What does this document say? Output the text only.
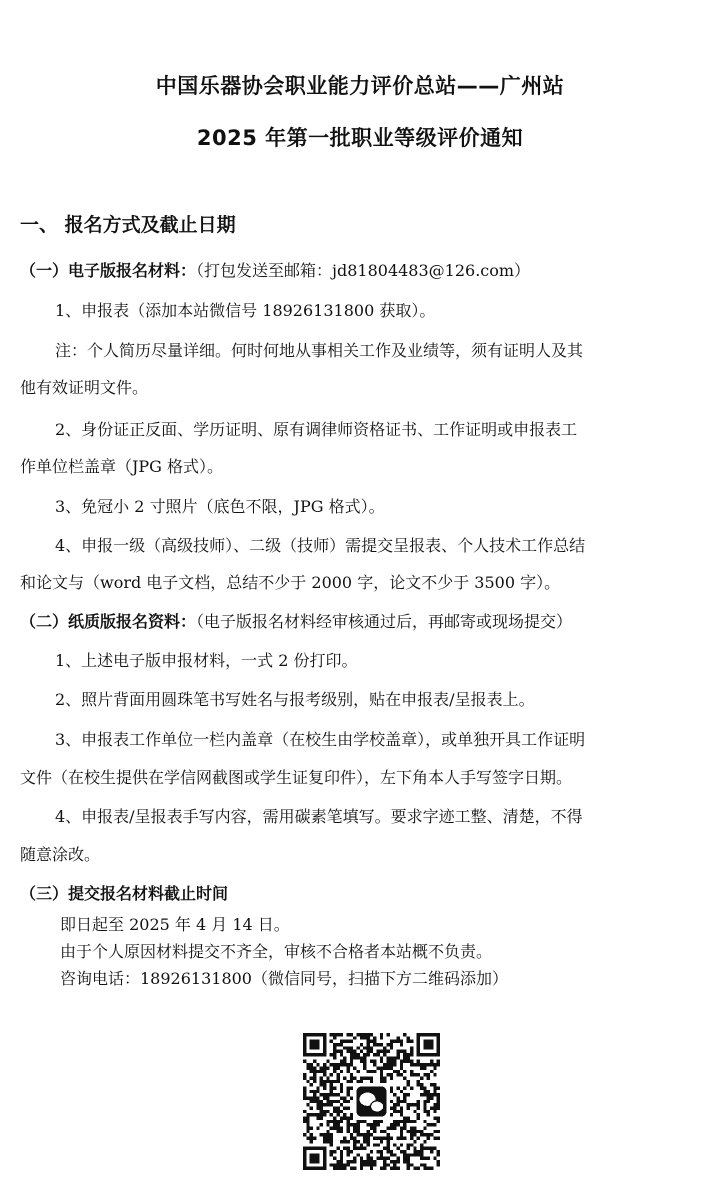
中国乐器协会职业能力评价总站——广州站
2025 年第一批职业等级评价通知
一、 报名方式及截止日期
（一）电子版报名材料：（打包发送至邮箱：jd81804483@126.com）
1、申报表（添加本站微信号 18926131800 获取）。
注：个人简历尽量详细。何时何地从事相关工作及业绩等，须有证明人及其
他有效证明文件。
2、身份证正反面、学历证明、原有调律师资格证书、工作证明或申报表工
作单位栏盖章（JPG 格式）。
3、免冠小 2 寸照片（底色不限，JPG 格式）。
4、申报一级（高级技师）、二级（技师）需提交呈报表、个人技术工作总结
和论文与（word 电子文档，总结不少于 2000 字，论文不少于 3500 字）。
（二）纸质版报名资料：（电子版报名材料经审核通过后，再邮寄或现场提交）
1、上述电子版申报材料，一式 2 份打印。
2、照片背面用圆珠笔书写姓名与报考级别，贴在申报表/呈报表上。
3、申报表工作单位一栏内盖章（在校生由学校盖章），或单独开具工作证明
文件（在校生提供在学信网截图或学生证复印件），左下角本人手写签字日期。
4、申报表/呈报表手写内容，需用碳素笔填写。要求字迹工整、清楚，不得
随意涂改。
（三）提交报名材料截止时间
即日起至 2025 年 4 月 14 日。
由于个人原因材料提交不齐全，审核不合格者本站概不负责。
咨询电话：18926131800（微信同号，扫描下方二维码添加）
